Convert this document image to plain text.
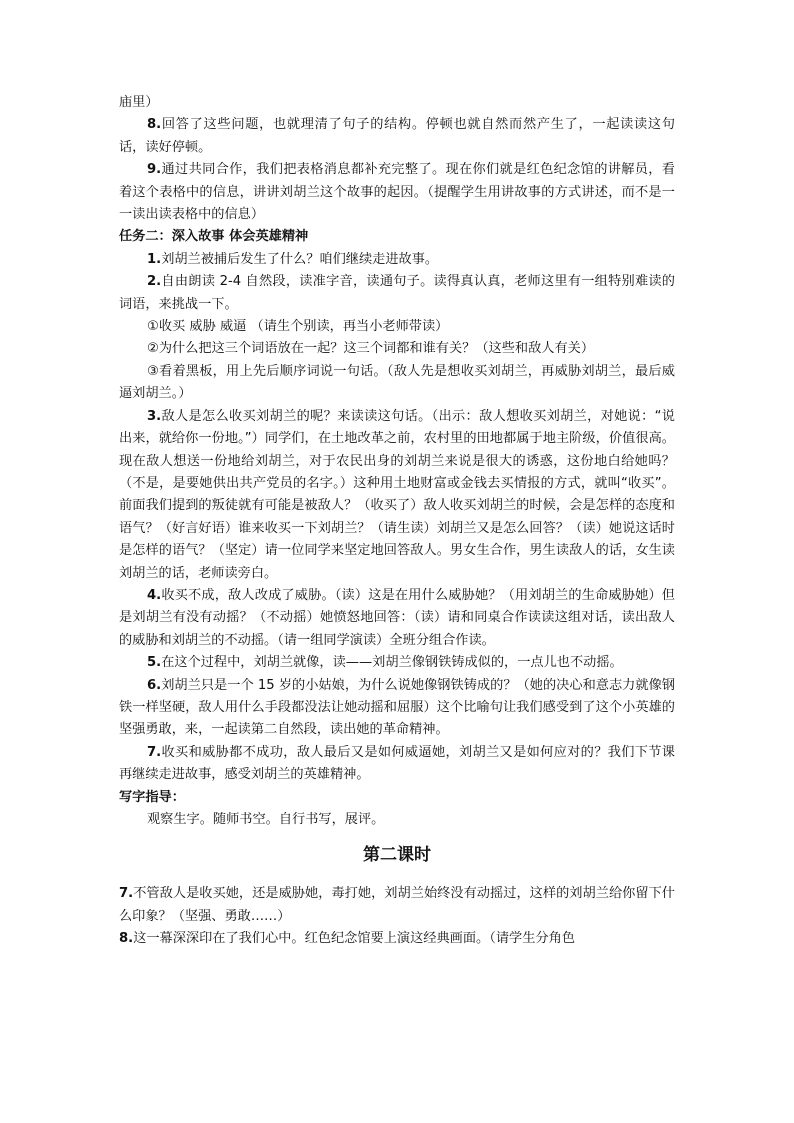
庙里）

8.回答了这些问题，也就理清了句子的结构。停顿也就自然而然产生了，一起读读这句话，读好停顿。

9.通过共同合作，我们把表格消息都补充完整了。现在你们就是红色纪念馆的讲解员，看着这个表格中的信息，讲讲刘胡兰这个故事的起因。（提醒学生用讲故事的方式讲述，而不是一一读出读表格中的信息）

任务二：深入故事 体会英雄精神

1.刘胡兰被捕后发生了什么？咱们继续走进故事。

2.自由朗读 2-4 自然段，读准字音，读通句子。读得真认真，老师这里有一组特别难读的词语，来挑战一下。

①收买 威胁 威逼 （请生个别读，再当小老师带读）

②为什么把这三个词语放在一起？这三个词都和谁有关？（这些和敌人有关）

③看着黑板，用上先后顺序词说一句话。（敌人先是想收买刘胡兰，再威胁刘胡兰，最后威逼刘胡兰。）

3.敌人是怎么收买刘胡兰的呢？来读读这句话。（出示：敌人想收买刘胡兰，对她说：“说出来，就给你一份地。”）同学们，在土地改革之前，农村里的田地都属于地主阶级，价值很高。现在敌人想送一份地给刘胡兰，对于农民出身的刘胡兰来说是很大的诱惑，这份地白给她吗？（不是，是要她供出共产党员的名字。）这种用土地财富或金钱去买情报的方式，就叫“收买”。前面我们提到的叛徒就有可能是被敌人？（收买了）敌人收买刘胡兰的时候，会是怎样的态度和语气？（好言好语）谁来收买一下刘胡兰？（请生读）刘胡兰又是怎么回答？（读）她说这话时是怎样的语气？（坚定）请一位同学来坚定地回答敌人。男女生合作，男生读敌人的话，女生读刘胡兰的话，老师读旁白。

4.收买不成，敌人改成了威胁。（读）这是在用什么威胁她？（用刘胡兰的生命威胁她）但是刘胡兰有没有动摇？（不动摇）她愤怒地回答：（读）请和同桌合作读读这组对话，读出敌人的威胁和刘胡兰的不动摇。（请一组同学演读）全班分组合作读。

5.在这个过程中，刘胡兰就像，读——刘胡兰像钢铁铸成似的，一点儿也不动摇。

6.刘胡兰只是一个 15 岁的小姑娘，为什么说她像钢铁铸成的？（她的决心和意志力就像钢铁一样坚硬，敌人用什么手段都没法让她动摇和屈服）这个比喻句让我们感受到了这个小英雄的坚强勇敢，来，一起读第二自然段，读出她的革命精神。

7.收买和威胁都不成功，敌人最后又是如何威逼她，刘胡兰又是如何应对的？我们下节课再继续走进故事，感受刘胡兰的英雄精神。

写字指导：

观察生字。随师书空。自行书写，展评。

第二课时

7.不管敌人是收买她，还是威胁她，毒打她，刘胡兰始终没有动摇过，这样的刘胡兰给你留下什么印象？（坚强、勇敢……）

8.这一幕深深印在了我们心中。红色纪念馆要上演这经典画面。（请学生分角色
